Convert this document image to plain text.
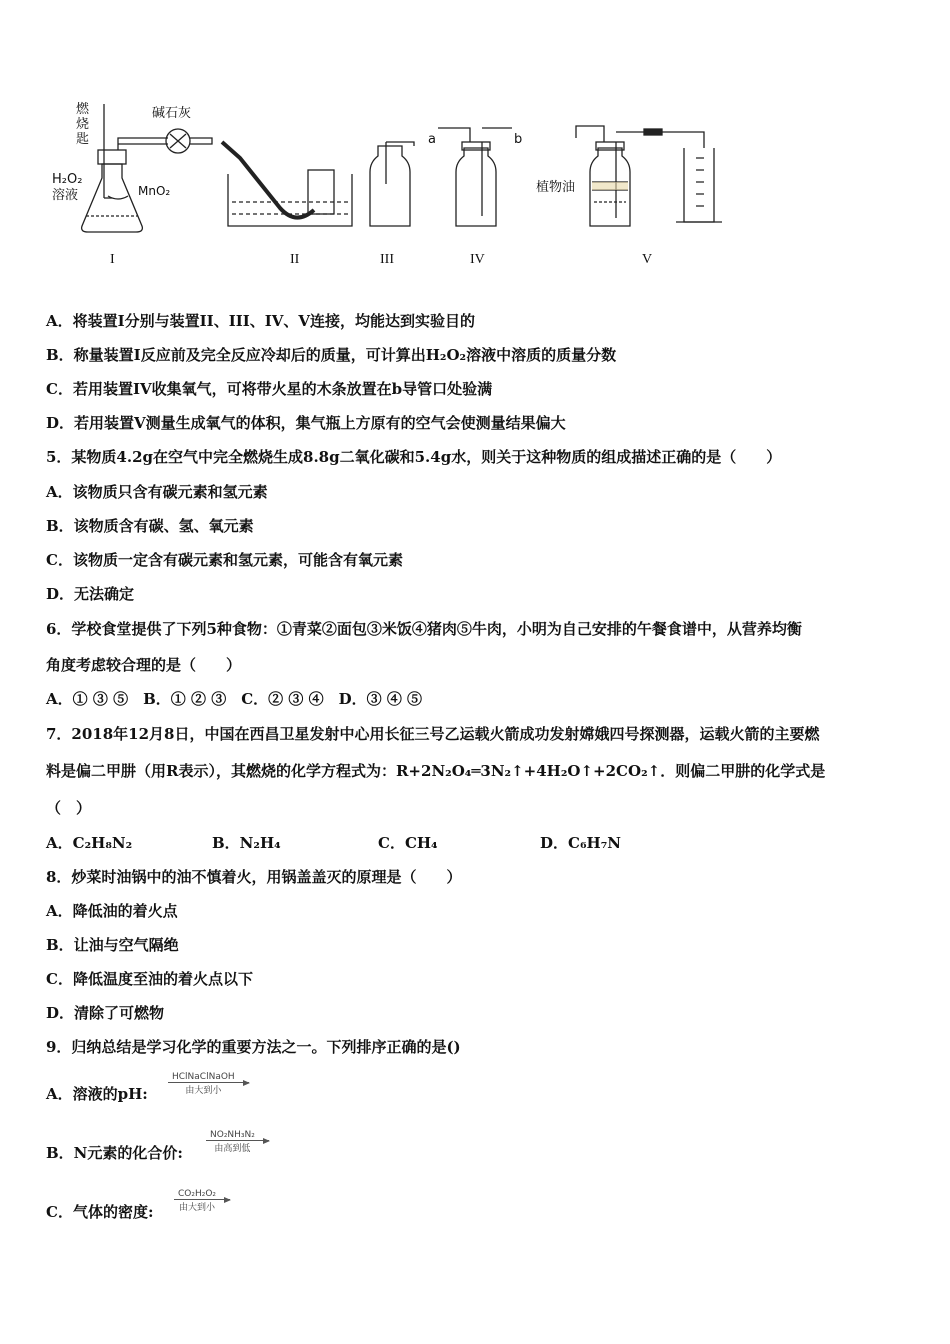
燃
烧
匙
碱石灰
H₂O₂
溶液	MnO₂
a	b
植物油
I	II	III	IV	V
A．将装置I分别与装置II、III、IV、V连接，均能达到实验目的
B．称量装置I反应前及完全反应冷却后的质量，可计算出H₂O₂溶液中溶质的质量分数
C．若用装置IV收集氧气，可将带火星的木条放置在b导管口处验满
D．若用装置V测量生成氧气的体积，集气瓶上方原有的空气会使测量结果偏大
5．某物质4.2g在空气中完全燃烧生成8.8g二氧化碳和5.4g水，则关于这种物质的组成描述正确的是（　　）
A．该物质只含有碳元素和氢元素
B．该物质含有碳、氢、氧元素
C．该物质一定含有碳元素和氢元素，可能含有氧元素
D．无法确定
6．学校食堂提供了下列5种食物：①青菜②面包③米饭④猪肉⑤牛肉，小明为自己安排的午餐食谱中，从营养均衡
角度考虑较合理的是（　　）
A．① ③ ⑤　B．① ② ③　C．② ③ ④　D．③ ④ ⑤
7．2018年12月8日，中国在西昌卫星发射中心用长征三号乙运载火箭成功发射嫦娥四号探测器，运载火箭的主要燃
料是偏二甲肼（用R表示），其燃烧的化学方程式为：R+2N₂O₄═3N₂↑+4H₂O↑+2CO₂↑．则偏二甲肼的化学式是
（　）
A．C₂H₈N₂	B．N₂H₄	C．CH₄	D．C₆H₇N
8．炒菜时油锅中的油不慎着火，用锅盖盖灭的原理是（　　）
A．降低油的着火点
B．让油与空气隔绝
C．降低温度至油的着火点以下
D．清除了可燃物
9．归纳总结是学习化学的重要方法之一。下列排序正确的是()
A．溶液的pH:
HClNaClNaOH
由大到小
B．N元素的化合价:
NO₂NH₃N₂
由高到低
C．气体的密度:
CO₂H₂O₂
由大到小
